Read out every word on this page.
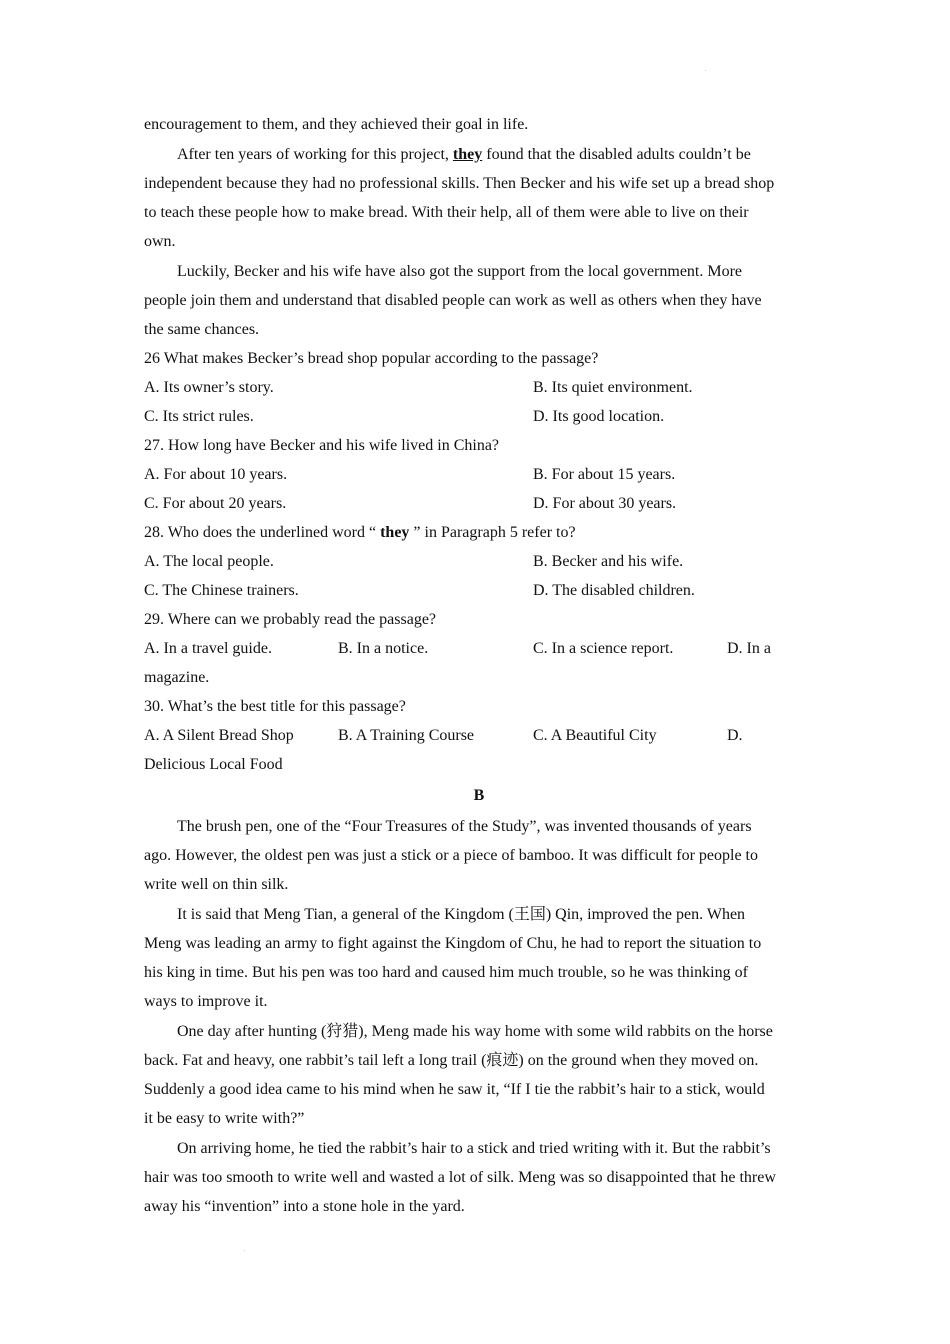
encouragement to them, and they achieved their goal in life.
After ten years of working for this project, they found that the disabled adults couldn’t be
independent because they had no professional skills. Then Becker and his wife set up a bread shop
to teach these people how to make bread. With their help, all of them were able to live on their
own.
Luckily, Becker and his wife have also got the support from the local government. More
people join them and understand that disabled people can work as well as others when they have
the same chances.
26 What makes Becker’s bread shop popular according to the passage?
A. Its owner’s story.	B. Its quiet environment.
C. Its strict rules.	D. Its good location.
27. How long have Becker and his wife lived in China?
A. For about 10 years.	B. For about 15 years.
C. For about 20 years.	D. For about 30 years.
28. Who does the underlined word “ they ” in Paragraph 5 refer to?
A. The local people.	B. Becker and his wife.
C. The Chinese trainers.	D. The disabled children.
29. Where can we probably read the passage?
A. In a travel guide.	B. In a notice.	C. In a science report.	D. In a
magazine.
30. What’s the best title for this passage?
A. A Silent Bread Shop	B. A Training Course	C. A Beautiful City	D.
Delicious Local Food
B
The brush pen, one of the “Four Treasures of the Study”, was invented thousands of years
ago. However, the oldest pen was just a stick or a piece of bamboo. It was difficult for people to
write well on thin silk.
It is said that Meng Tian, a general of the Kingdom (王国) Qin, improved the pen. When
Meng was leading an army to fight against the Kingdom of Chu, he had to report the situation to
his king in time. But his pen was too hard and caused him much trouble, so he was thinking of
ways to improve it.
One day after hunting (狩猎), Meng made his way home with some wild rabbits on the horse
back. Fat and heavy, one rabbit’s tail left a long trail (痕迹) on the ground when they moved on.
Suddenly a good idea came to his mind when he saw it, “If I tie the rabbit’s hair to a stick, would
it be easy to write with?”
On arriving home, he tied the rabbit’s hair to a stick and tried writing with it. But the rabbit’s
hair was too smooth to write well and wasted a lot of silk. Meng was so disappointed that he threw
away his “invention” into a stone hole in the yard.
